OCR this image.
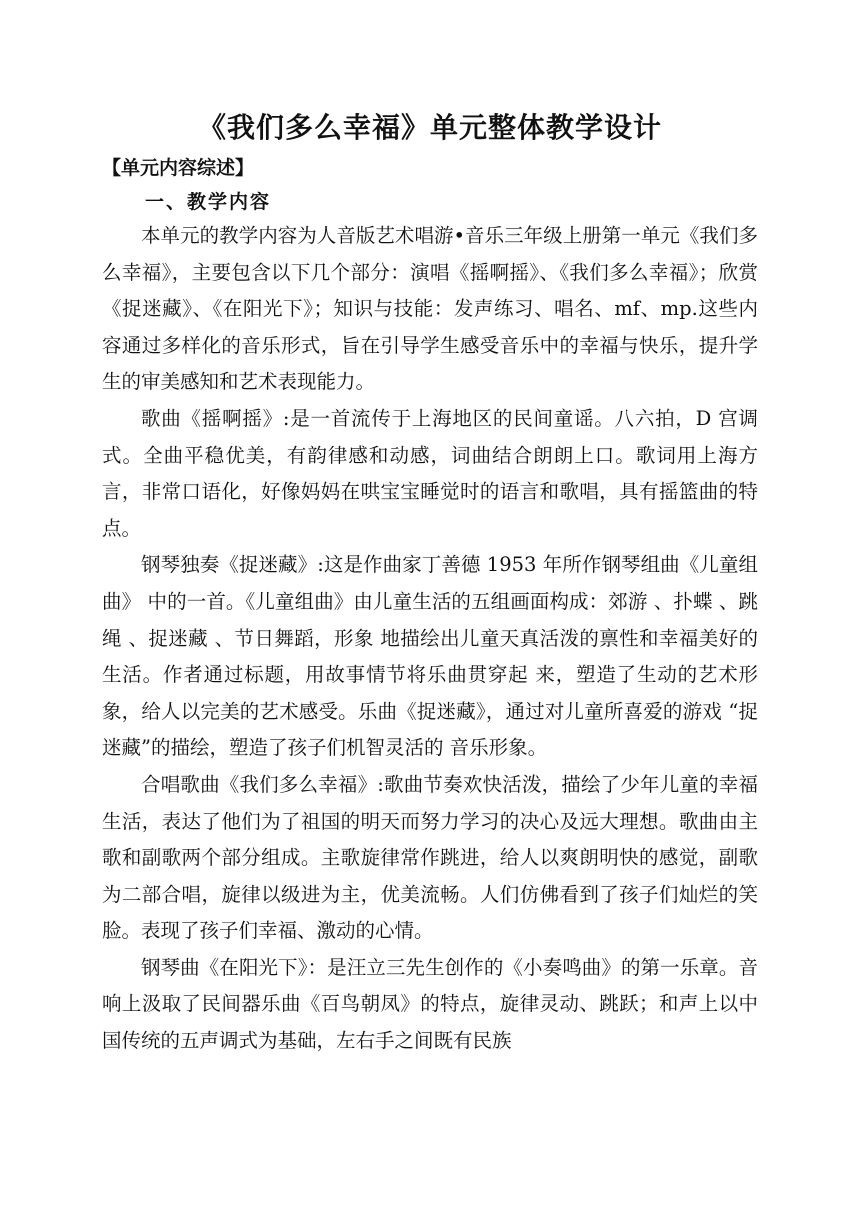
《我们多么幸福》单元整体教学设计
【单元内容综述】
一、教学内容

本单元的教学内容为人音版艺术唱游•音乐三年级上册第一单元《我们多么幸福》，主要包含以下几个部分：演唱《摇啊摇》、《我们多么幸福》；欣赏《捉迷藏》、《在阳光下》；知识与技能：发声练习、唱名、mf、mp.这些内容通过多样化的音乐形式，旨在引导学生感受音乐中的幸福与快乐，提升学生的审美感知和艺术表现能力。

歌曲《摇啊摇》:是一首流传于上海地区的民间童谣。八六拍，D 宫调式。全曲平稳优美，有韵律感和动感，词曲结合朗朗上口。歌词用上海方言，非常口语化，好像妈妈在哄宝宝睡觉时的语言和歌唱，具有摇篮曲的特点。

钢琴独奏《捉迷藏》:这是作曲家丁善德 1953 年所作钢琴组曲《儿童组曲》 中的一首。《儿童组曲》由儿童生活的五组画面构成：郊游 、扑蝶 、跳绳 、捉迷藏 、节日舞蹈，形象 地描绘出儿童天真活泼的禀性和幸福美好的生活。作者通过标题，用故事情节将乐曲贯穿起 来，塑造了生动的艺术形象，给人以完美的艺术感受。乐曲《捉迷藏》，通过对儿童所喜爱的游戏 “捉迷藏”的描绘，塑造了孩子们机智灵活的 音乐形象。

合唱歌曲《我们多么幸福》:歌曲节奏欢快活泼，描绘了少年儿童的幸福生活，表达了他们为了祖国的明天而努力学习的决心及远大理想。歌曲由主歌和副歌两个部分组成。主歌旋律常作跳进，给人以爽朗明快的感觉，副歌为二部合唱，旋律以级进为主，优美流畅。人们仿佛看到了孩子们灿烂的笑脸。表现了孩子们幸福、激动的心情。

钢琴曲《在阳光下》：是汪立三先生创作的《小奏鸣曲》的第一乐章。音响上汲取了民间器乐曲《百鸟朝凤》的特点，旋律灵动、跳跃；和声上以中国传统的五声调式为基础，左右手之间既有民族
